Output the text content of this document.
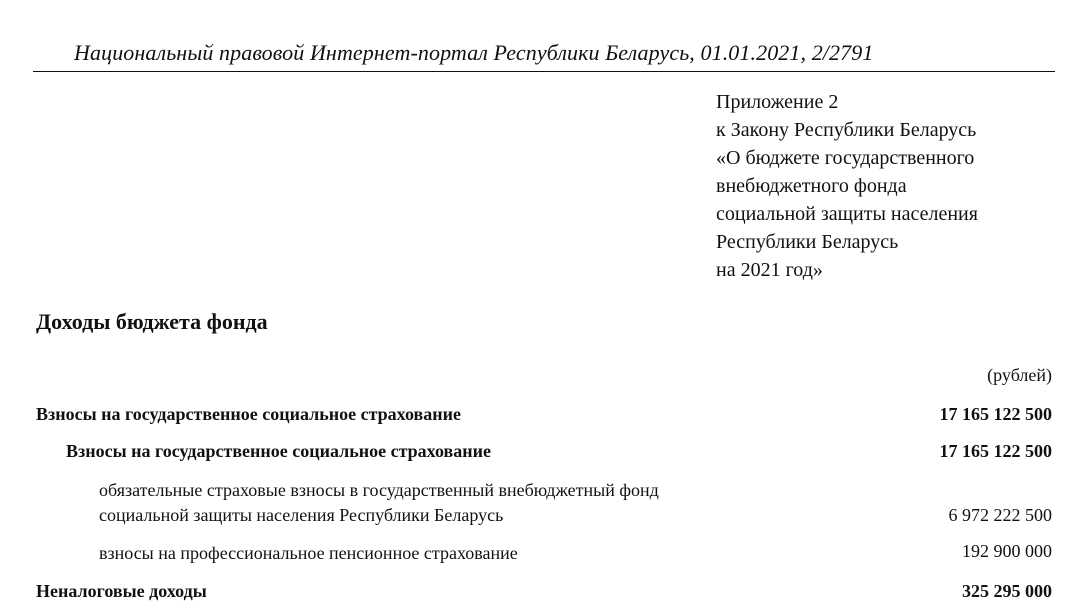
Национальный правовой Интернет-портал Республики Беларусь, 01.01.2021, 2/2791
Приложение 2
к Закону Республики Беларусь
«О бюджете государственного
внебюджетного фонда
социальной защиты населения
Республики Беларусь
на 2021 год»
Доходы бюджета фонда
(рублей)
Взносы на государственное социальное страхование	17 165 122 500
Взносы на государственное социальное страхование	17 165 122 500
обязательные страховые взносы в государственный внебюджетный фонд
социальной защиты населения Республики Беларусь	6 972 222 500
взносы на профессиональное пенсионное страхование	192 900 000
Неналоговые доходы	325 295 000
